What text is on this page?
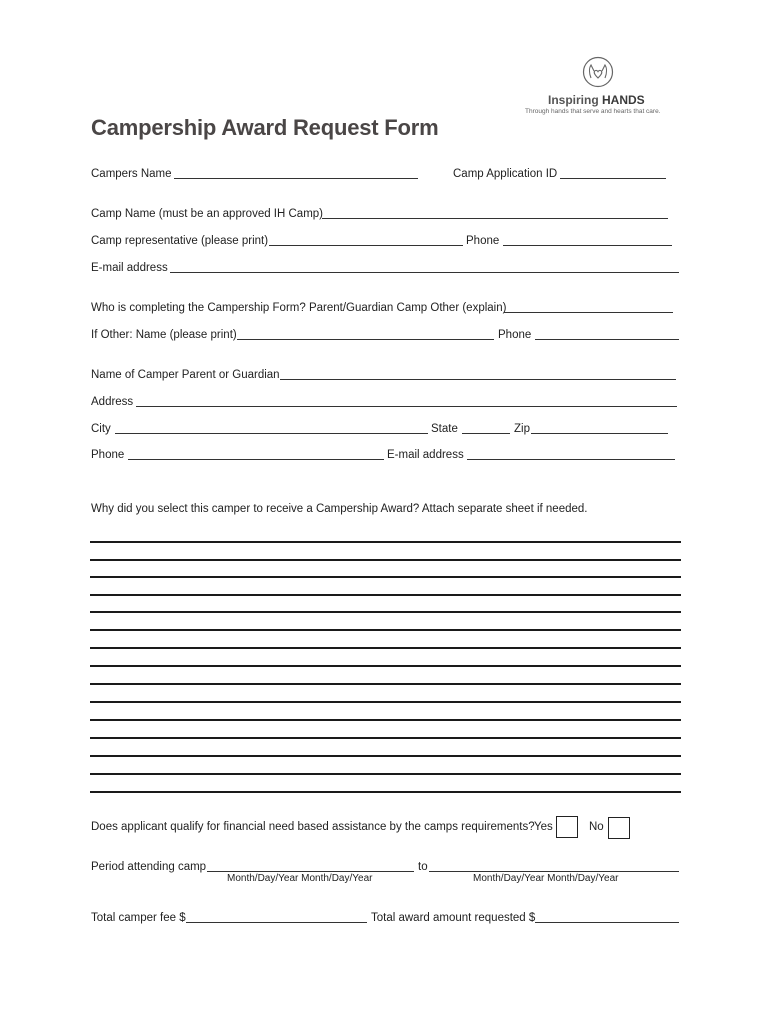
Inspiring HANDS
Through hands that serve and hearts that care.
Campership Award Request Form
Campers Name	Camp Application ID
Camp Name (must be an approved IH Camp)
Camp representative (please print)	Phone
E-mail address
Who is completing the Campership Form? Parent/Guardian Camp Other (explain)
If Other: Name (please print)	Phone
Name of Camper Parent or Guardian
Address
City	State	Zip
Phone	E-mail address
Why did you select this camper to receive a Campership Award? Attach separate sheet if needed.
Does applicant qualify for financial need based assistance by the camps requirements? Yes	No
Period attending camp	to
Month/Day/Year Month/Day/Year	Month/Day/Year Month/Day/Year
Total camper fee $	Total award amount requested $
